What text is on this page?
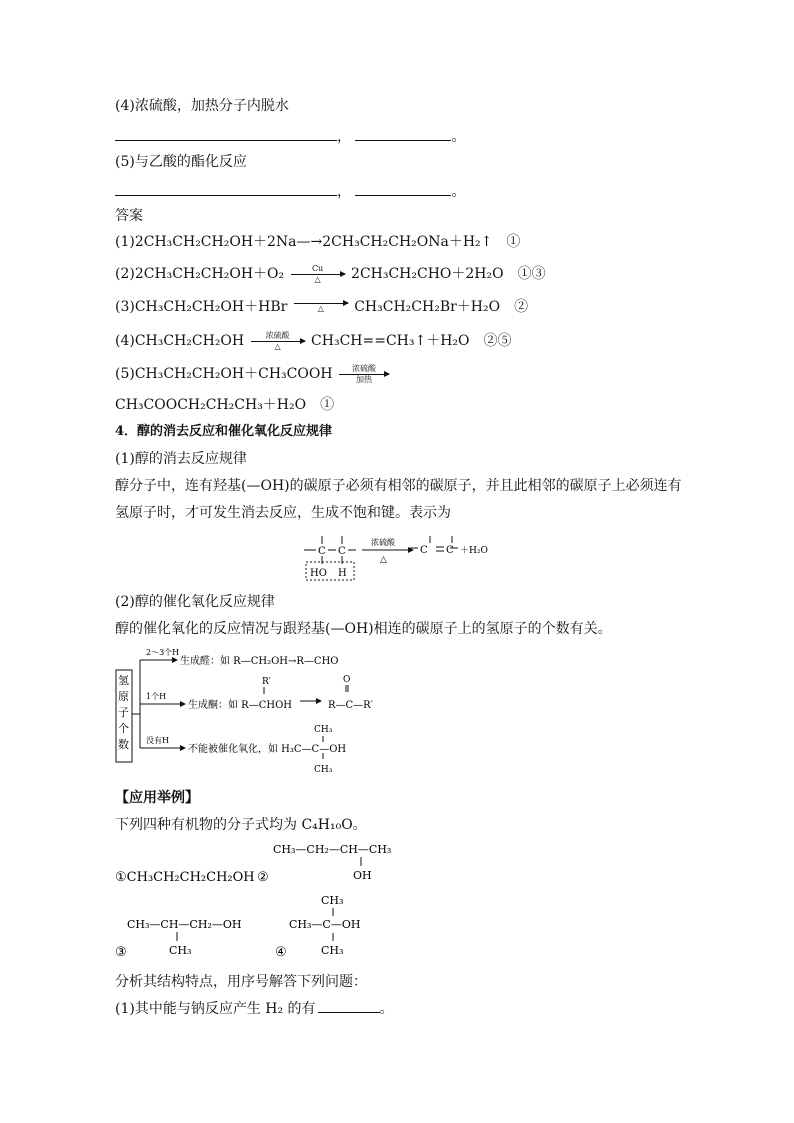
(4)浓硫酸，加热分子内脱水
，	。
(5)与乙酸的酯化反应
，	。
答案
(1)2CH₃CH₂CH₂OH＋2Na—→2CH₃CH₂CH₂ONa＋H₂↑　①
(2)2CH₃CH₂CH₂OH＋O₂	Cu
△	2CH₃CH₂CHO＋2H₂O　①③
(3)CH₃CH₂CH₂OH＋HBr	△	CH₃CH₂CH₂Br＋H₂O　②
(4)CH₃CH₂CH₂OH	浓硫酸
△	CH₃CH==CH₃↑＋H₂O　②⑤
(5)CH₃CH₂CH₂OH＋CH₃COOH	浓硫酸
加热
CH₃COOCH₂CH₂CH₃＋H₂O　①
4．醇的消去反应和催化氧化反应规律
(1)醇的消去反应规律
醇分子中，连有羟基(—OH)的碳原子必须有相邻的碳原子，并且此相邻的碳原子上必须连有
氢原子时，才可发生消去反应，生成不饱和键。表示为
C C
HO H
浓硫酸
△
C C ＋H₂O
(2)醇的催化氧化反应规律
醇的催化氧化的反应情况与跟羟基(—OH)相连的碳原子上的氢原子的个数有关。
氢
原
子
个
数
2～3个H
生成醛：如 R—CH₂OH→R—CHO
1个H
R′
生成酮：如 R—CHOH
O
R—C—R′
没有H
CH₃
不能被催化氧化，如 H₃C—C—OH
CH₃
【应用举例】
下列四种有机物的分子式均为 C₄H₁₀O。
CH₃—CH₂—CH—CH₃
OH
①CH₃CH₂CH₂CH₂OH ②
CH₃—CH—CH₂—OH
CH₃
③
CH₃
CH₃—C—OH
CH₃
④
分析其结构特点，用序号解答下列问题：
(1)其中能与钠反应产生 H₂ 的有	。
